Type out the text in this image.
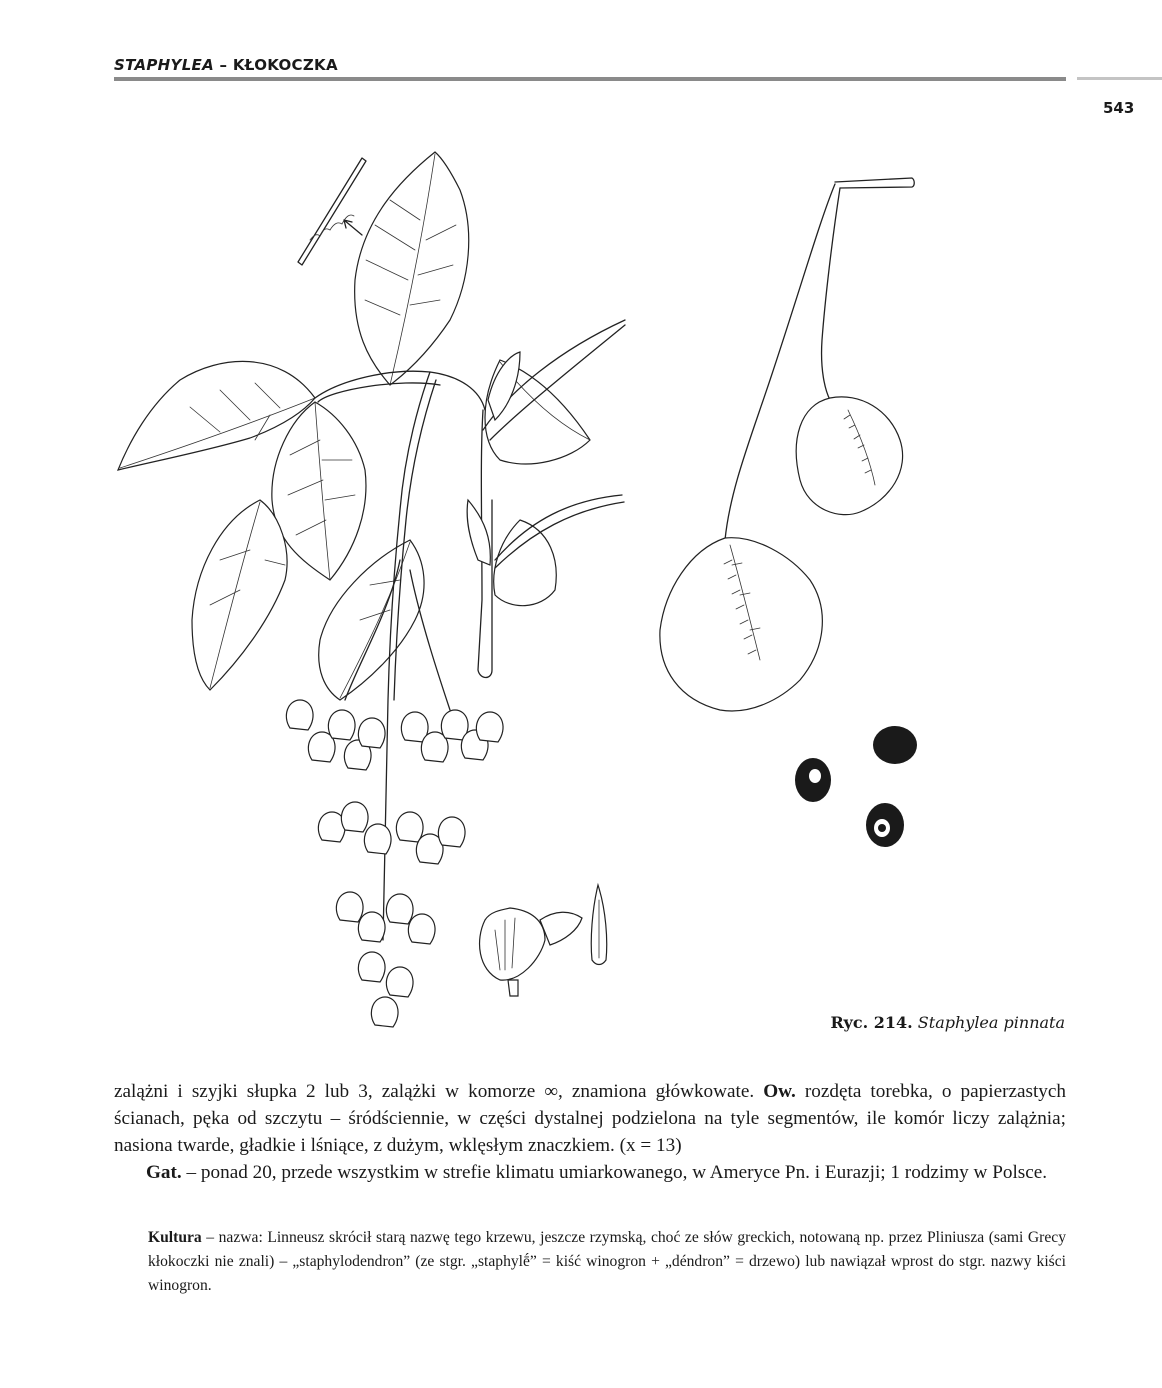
STAPHYLEA – KŁOKOCZKA
543
Ryc. 214. Staphylea pinnata

zalążni i szyjki słupka 2 lub 3, zalążki w komorze ∞, znamiona główkowate. Ow. rozdęta torebka, o papierzastych ścianach, pęka od szczytu – śródściennie, w części dystalnej podzielona na tyle segmentów, ile komór liczy zalążnia; nasiona twarde, gładkie i lśniące, z dużym, wklęsłym znaczkiem. (x = 13)

Gat. – ponad 20, przede wszystkim w strefie klimatu umiarkowanego, w Ameryce Pn. i Eurazji; 1 rodzimy w Polsce.

Kultura – nazwa: Linneusz skrócił starą nazwę tego krzewu, jeszcze rzymską, choć ze słów greckich, notowaną np. przez Pliniusza (sami Grecy kłokoczki nie znali) – „staphylodendron” (ze stgr. „staphylḗ” = kiść winogron + „déndron” = drzewo) lub nawiązał wprost do stgr. nazwy kiści winogron.
